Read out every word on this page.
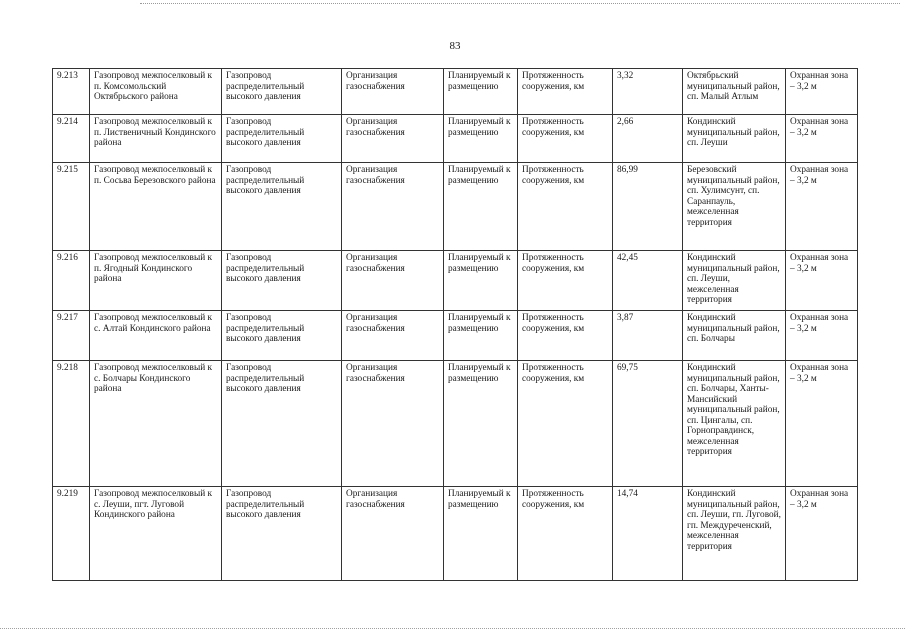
83
9.213	Газопровод межпоселковый к п. Комсомольский Октябрьского района	Газопровод распределительный высокого давления	Организация газоснабжения	Планируемый к размещению	Протяженность сооружения, км	3,32	Октябрьский муниципальный район, сп. Малый Атлым	Охранная зона – 3,2 м
9.214	Газопровод межпоселковый к п. Лиственичный Кондинского района	Газопровод распределительный высокого давления	Организация газоснабжения	Планируемый к размещению	Протяженность сооружения, км	2,66	Кондинский муниципальный район, сп. Леуши	Охранная зона – 3,2 м
9.215	Газопровод межпоселковый к п. Сосьва Березовского района	Газопровод распределительный высокого давления	Организация газоснабжения	Планируемый к размещению	Протяженность сооружения, км	86,99	Березовский муниципальный район, сп. Хулимсунт, сп. Саранпауль, межселенная территория	Охранная зона – 3,2 м
9.216	Газопровод межпоселковый к п. Ягодный Кондинского района	Газопровод распределительный высокого давления	Организация газоснабжения	Планируемый к размещению	Протяженность сооружения, км	42,45	Кондинский муниципальный район, сп. Леуши, межселенная территория	Охранная зона – 3,2 м
9.217	Газопровод межпоселковый к с. Алтай Кондинского района	Газопровод распределительный высокого давления	Организация газоснабжения	Планируемый к размещению	Протяженность сооружения, км	3,87	Кондинский муниципальный район, сп. Болчары	Охранная зона – 3,2 м
9.218	Газопровод межпоселковый к с. Болчары Кондинского района	Газопровод распределительный высокого давления	Организация газоснабжения	Планируемый к размещению	Протяженность сооружения, км	69,75	Кондинский муниципальный район, сп. Болчары, Ханты-Мансийский муниципальный район, сп. Цингалы, сп. Горноправдинск, межселенная территория	Охранная зона – 3,2 м
9.219	Газопровод межпоселковый к с. Леуши, пгт. Луговой Кондинского района	Газопровод распределительный высокого давления	Организация газоснабжения	Планируемый к размещению	Протяженность сооружения, км	14,74	Кондинский муниципальный район, сп. Леуши, гп. Луговой, гп. Междуреченский, межселенная территория	Охранная зона – 3,2 м
